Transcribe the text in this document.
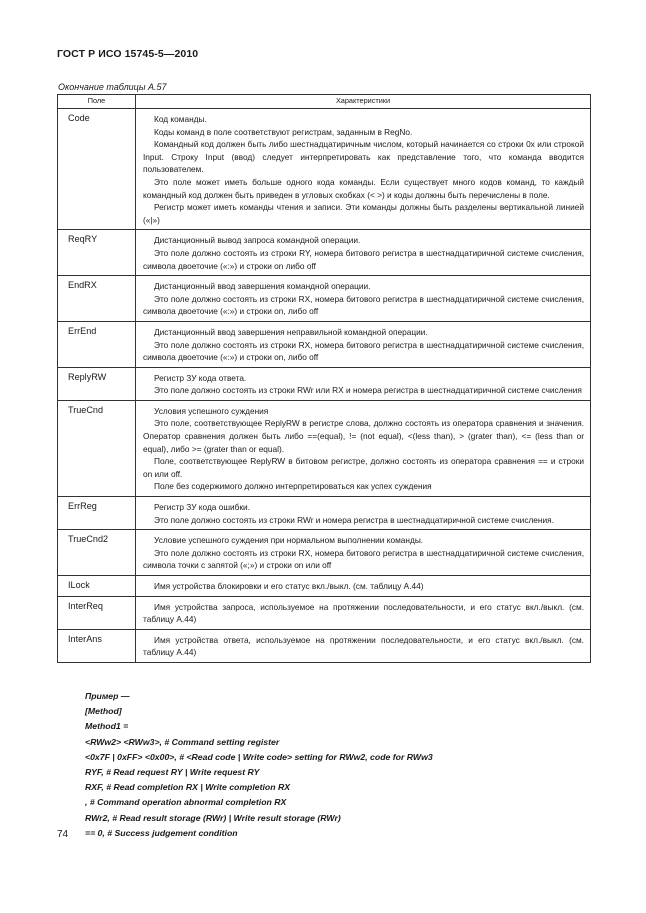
ГОСТ Р ИСО 15745-5—2010
Окончание таблицы А.57
Поле	Характеристики
Code	Код команды.

Коды команд в поле соответствуют регистрам, заданным в RegNo.

Командный код должен быть либо шестнадцатиричным числом, который начинается со строки 0x или строкой Input. Строку Input (ввод) следует интерпретировать как представление того, что команда вводится пользователем.

Это поле может иметь больше одного кода команды. Если существует много кодов команд, то каждый командный код должен быть приведен в угловых скобках (< >) и коды должны быть перечислены в поле.

Регистр может иметь команды чтения и записи. Эти команды должны быть разделены вертикальной линией («|»)

ReqRY	Дистанционный вывод запроса командной операции.

Это поле должно состоять из строки RY, номера битового регистра в шестнадцатиричной системе счисления, символа двоеточие («:») и строки on либо off

EndRX	Дистанционный ввод завершения командной операции.

Это поле должно состоять из строки RX, номера битового регистра в шестнадцатиричной системе счисления, символа двоеточие («:») и строки on, либо off

ErrEnd	Дистанционный ввод завершения неправильной командной операции.

Это поле должно состоять из строки RX, номера битового регистра в шестнадцатиричной системе счисления, символа двоеточие («:») и строки on, либо off

ReplyRW	Регистр ЗУ кода ответа.

Это поле должно состоять из строки RWr или RX и номера регистра в шестнадцатиричной системе счисления

TrueCnd	Условия успешного суждения

Это поле, соответствующее ReplyRW в регистре слова, должно состоять из оператора сравнения и значения. Оператор сравнения должен быть либо ==(equal), != (not equal), <(less than), > (grater than), <= (less than or equal), либо >= (grater than or equal).

Поле, соответствующее ReplyRW в битовом регистре, должно состоять из оператора сравнения == и строки on или off.

Поле без содержимого должно интерпретироваться как успех суждения

ErrReg	Регистр ЗУ кода ошибки.

Это поле должно состоять из строки RWr и номера регистра в шестнадцатиричной системе счисления.

TrueCnd2	Условие успешного суждения при нормальном выполнении команды.

Это поле должно состоять из строки RX, номера битового регистра в шестнадцатиричной системе счисления, символа точки с запятой («;») и строки on или off

ILock	Имя устройства блокировки и его статус вкл./выкл. (см. таблицу А.44)

InterReq	Имя устройства запроса, используемое на протяжении последовательности, и его статус вкл./выкл. (см. таблицу А.44)

InterAns	Имя устройства ответа, используемое на протяжении последовательности, и его статус вкл./выкл. (см. таблицу А.44)

Пример —
[Method]
Method1 =
<RWw2> <RWw3>, # Command setting register
<0x7F | 0xFF> <0x00>, # <Read code | Write code> setting for RWw2, code for RWw3
RYF, # Read request RY | Write request RY
RXF, # Read completion RX | Write completion RX
, # Command operation abnormal completion RX
RWr2, # Read result storage (RWr) | Write result storage (RWr)
== 0, # Success judgement condition
74
